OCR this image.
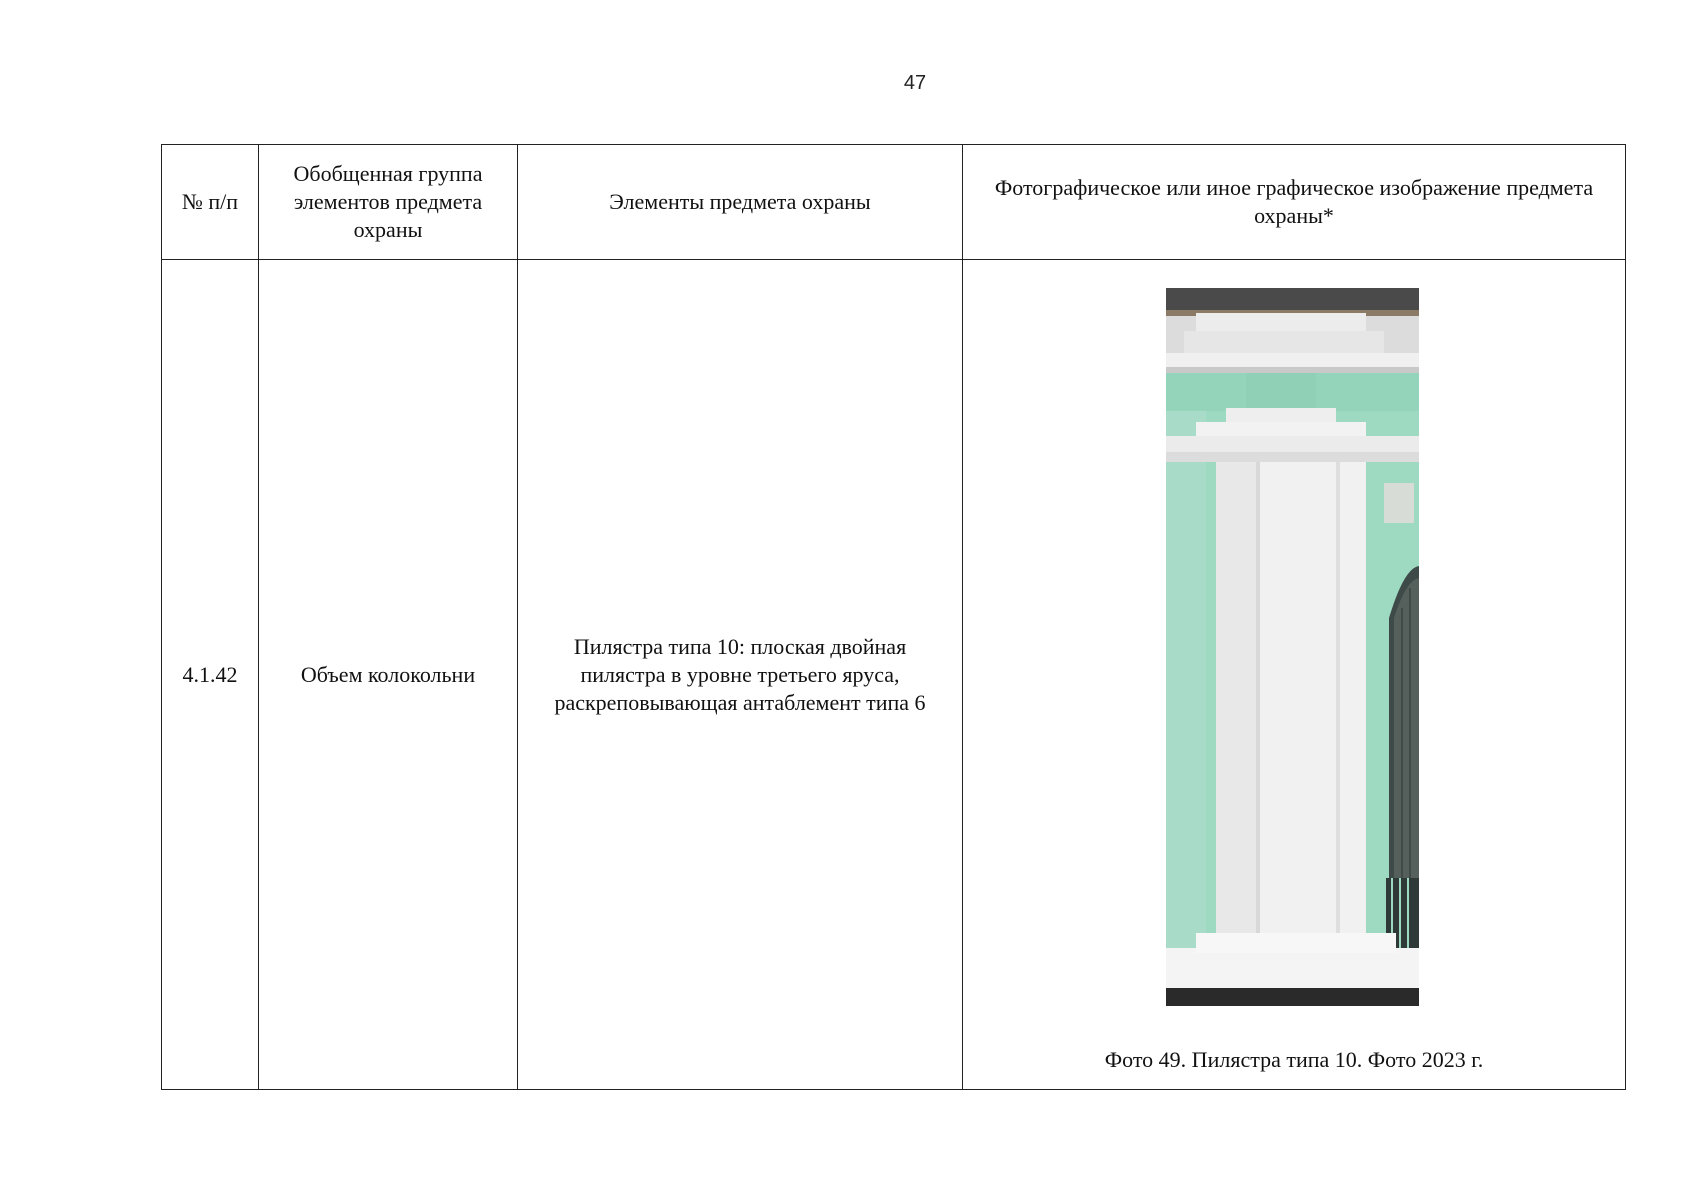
47
№ п/п	Обобщенная группа элементов предмета охраны	Элементы предмета охраны	Фотографическое или иное графическое изображение предмета охраны*
4.1.42	Объем колокольни	Пилястра типа 10: плоская двойная пилястра в уровне третьего яруса, раскреповывающая антаблемент типа 6	Фото 49. Пилястра типа 10. Фото 2023 г.
